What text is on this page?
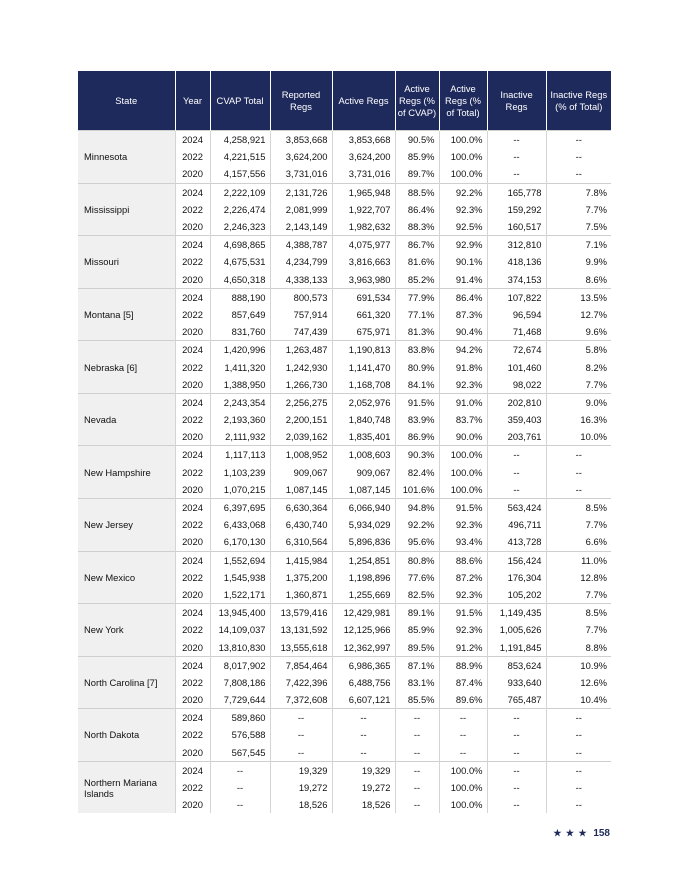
State	Year	CVAP Total	Reported Regs	Active Regs	Active Regs (% of CVAP)	Active Regs (% of Total)	Inactive Regs	Inactive Regs (% of Total)
Minnesota	2024	4,258,921	3,853,668	3,853,668	90.5%	100.0%	--	--
	2022	4,221,515	3,624,200	3,624,200	85.9%	100.0%	--	--
	2020	4,157,556	3,731,016	3,731,016	89.7%	100.0%	--	--
Mississippi	2024	2,222,109	2,131,726	1,965,948	88.5%	92.2%	165,778	7.8%
	2022	2,226,474	2,081,999	1,922,707	86.4%	92.3%	159,292	7.7%
	2020	2,246,323	2,143,149	1,982,632	88.3%	92.5%	160,517	7.5%
Missouri	2024	4,698,865	4,388,787	4,075,977	86.7%	92.9%	312,810	7.1%
	2022	4,675,531	4,234,799	3,816,663	81.6%	90.1%	418,136	9.9%
	2020	4,650,318	4,338,133	3,963,980	85.2%	91.4%	374,153	8.6%
Montana [5]	2024	888,190	800,573	691,534	77.9%	86.4%	107,822	13.5%
	2022	857,649	757,914	661,320	77.1%	87.3%	96,594	12.7%
	2020	831,760	747,439	675,971	81.3%	90.4%	71,468	9.6%
Nebraska [6]	2024	1,420,996	1,263,487	1,190,813	83.8%	94.2%	72,674	5.8%
	2022	1,411,320	1,242,930	1,141,470	80.9%	91.8%	101,460	8.2%
	2020	1,388,950	1,266,730	1,168,708	84.1%	92.3%	98,022	7.7%
Nevada	2024	2,243,354	2,256,275	2,052,976	91.5%	91.0%	202,810	9.0%
	2022	2,193,360	2,200,151	1,840,748	83.9%	83.7%	359,403	16.3%
	2020	2,111,932	2,039,162	1,835,401	86.9%	90.0%	203,761	10.0%
New Hampshire	2024	1,117,113	1,008,952	1,008,603	90.3%	100.0%	--	--
	2022	1,103,239	909,067	909,067	82.4%	100.0%	--	--
	2020	1,070,215	1,087,145	1,087,145	101.6%	100.0%	--	--
New Jersey	2024	6,397,695	6,630,364	6,066,940	94.8%	91.5%	563,424	8.5%
	2022	6,433,068	6,430,740	5,934,029	92.2%	92.3%	496,711	7.7%
	2020	6,170,130	6,310,564	5,896,836	95.6%	93.4%	413,728	6.6%
New Mexico	2024	1,552,694	1,415,984	1,254,851	80.8%	88.6%	156,424	11.0%
	2022	1,545,938	1,375,200	1,198,896	77.6%	87.2%	176,304	12.8%
	2020	1,522,171	1,360,871	1,255,669	82.5%	92.3%	105,202	7.7%
New York	2024	13,945,400	13,579,416	12,429,981	89.1%	91.5%	1,149,435	8.5%
	2022	14,109,037	13,131,592	12,125,966	85.9%	92.3%	1,005,626	7.7%
	2020	13,810,830	13,555,618	12,362,997	89.5%	91.2%	1,191,845	8.8%
North Carolina [7]	2024	8,017,902	7,854,464	6,986,365	87.1%	88.9%	853,624	10.9%
	2022	7,808,186	7,422,396	6,488,756	83.1%	87.4%	933,640	12.6%
	2020	7,729,644	7,372,608	6,607,121	85.5%	89.6%	765,487	10.4%
North Dakota	2024	589,860	--	--	--	--	--	--
	2022	576,588	--	--	--	--	--	--
	2020	567,545	--	--	--	--	--	--
Northern Mariana Islands	2024	--	19,329	19,329	--	100.0%	--	--
	2022	--	19,272	19,272	--	100.0%	--	--
	2020	--	18,526	18,526	--	100.0%	--	--
★ ★ ★ 158
